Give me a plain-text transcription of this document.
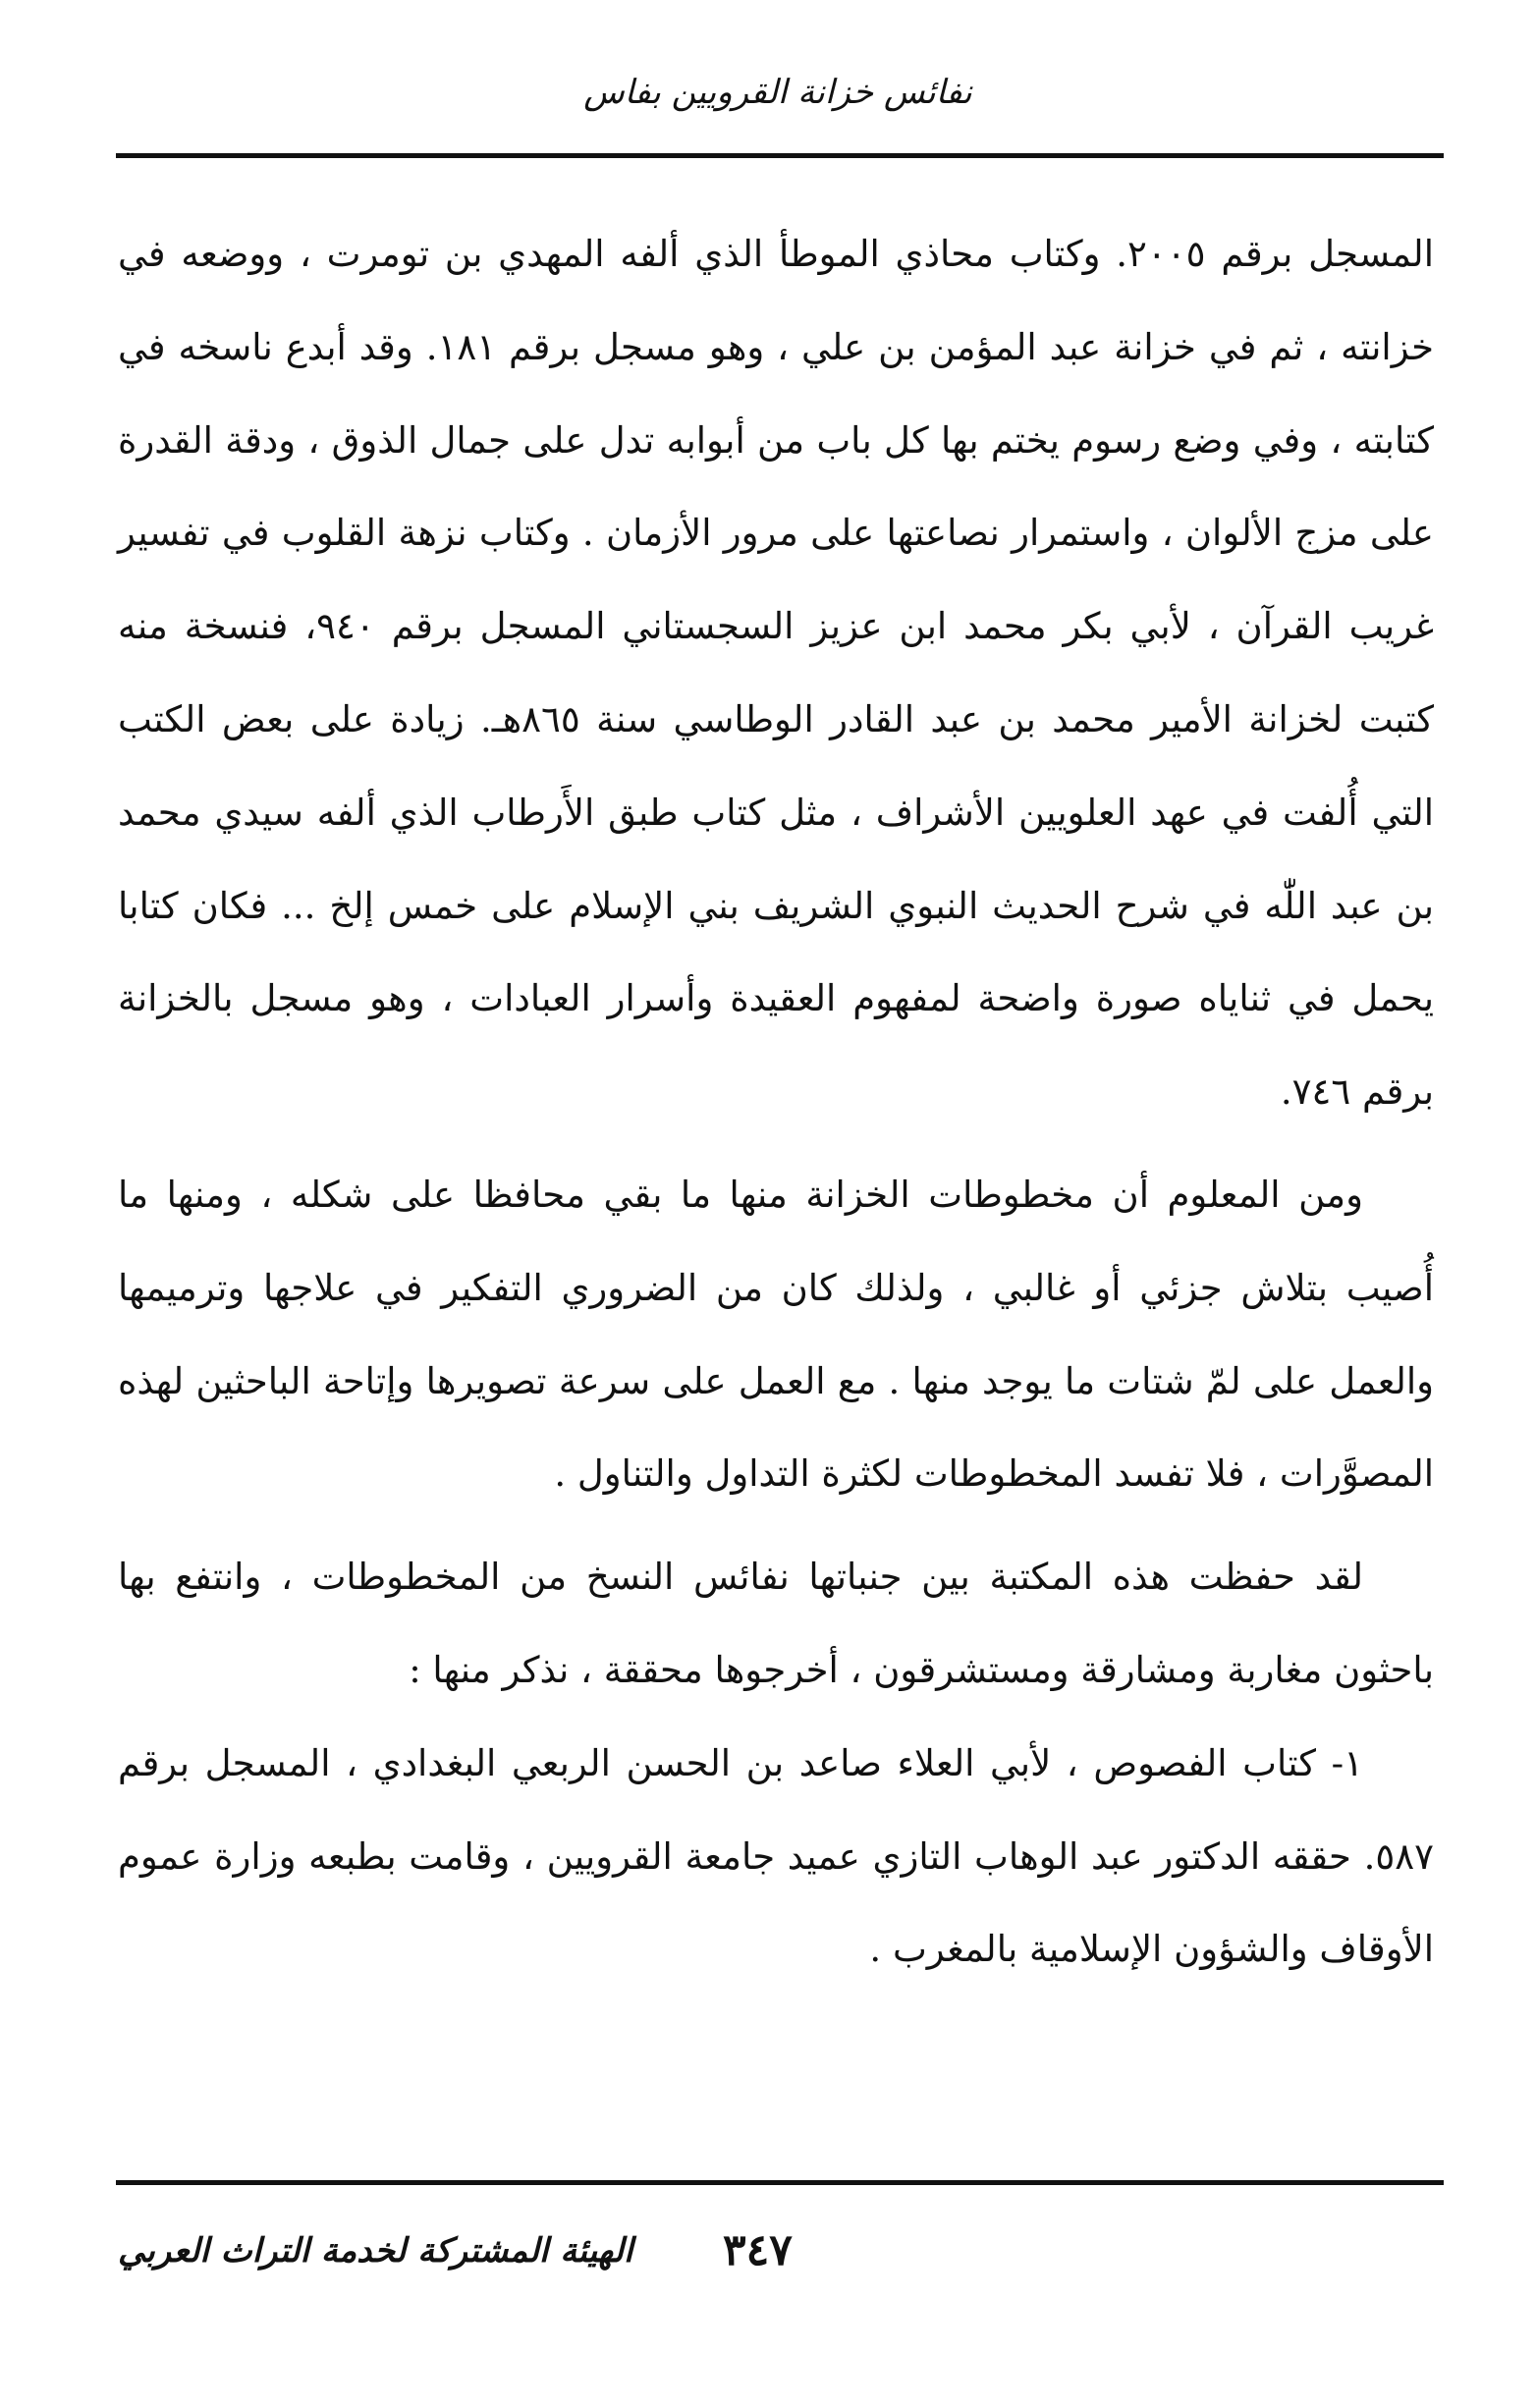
نفائس خزانة القرويين بفاس

المسجل برقم ٢٠٠٥. وكتاب محاذي الموطأ الذي ألفه المهدي بن تومرت ، ووضعه في خزانته ، ثم في خزانة عبد المؤمن بن علي ، وهو مسجل برقم ١٨١. وقد أبدع ناسخه في كتابته ، وفي وضع رسوم يختم بها كل باب من أبوابه تدل على جمال الذوق ، ودقة القدرة على مزج الألوان ، واستمرار نصاعتها على مرور الأزمان . وكتاب نزهة القلوب في تفسير غريب القرآن ، لأبي بكر محمد ابن عزيز السجستاني المسجل برقم ٩٤٠، فنسخة منه كتبت لخزانة الأمير محمد بن عبد القادر الوطاسي سنة ٨٦٥هـ. زيادة على بعض الكتب التي أُلفت في عهد العلويين الأشراف ، مثل كتاب طبق الأَرطاب الذي ألفه سيدي محمد بن عبد اللّٰه في شرح الحديث النبوي الشريف بني الإسلام على خمس إلخ ... فكان كتابا يحمل في ثناياه صورة واضحة لمفهوم العقيدة وأسرار العبادات ، وهو مسجل بالخزانة برقم ٧٤٦.

ومن المعلوم أن مخطوطات الخزانة منها ما بقي محافظا على شكله ، ومنها ما أُصيب بتلاش جزئي أو غالبي ، ولذلك كان من الضروري التفكير في علاجها وترميمها والعمل على لمّ شتات ما يوجد منها . مع العمل على سرعة تصويرها وإتاحة الباحثين لهذه المصوَّرات ، فلا تفسد المخطوطات لكثرة التداول والتناول .

لقد حفظت هذه المكتبة بين جنباتها نفائس النسخ من المخطوطات ، وانتفع بها باحثون مغاربة ومشارقة ومستشرقون ، أخرجوها محققة ، نذكر منها :

١- كتاب الفصوص ، لأبي العلاء صاعد بن الحسن الربعي البغدادي ، المسجل برقم ٥٨٧. حققه الدكتور عبد الوهاب التازي عميد جامعة القرويين ، وقامت بطبعه وزارة عموم الأوقاف والشؤون الإسلامية بالمغرب .

الهيئة المشتركة لخدمة التراث العربي ٣٤٧
